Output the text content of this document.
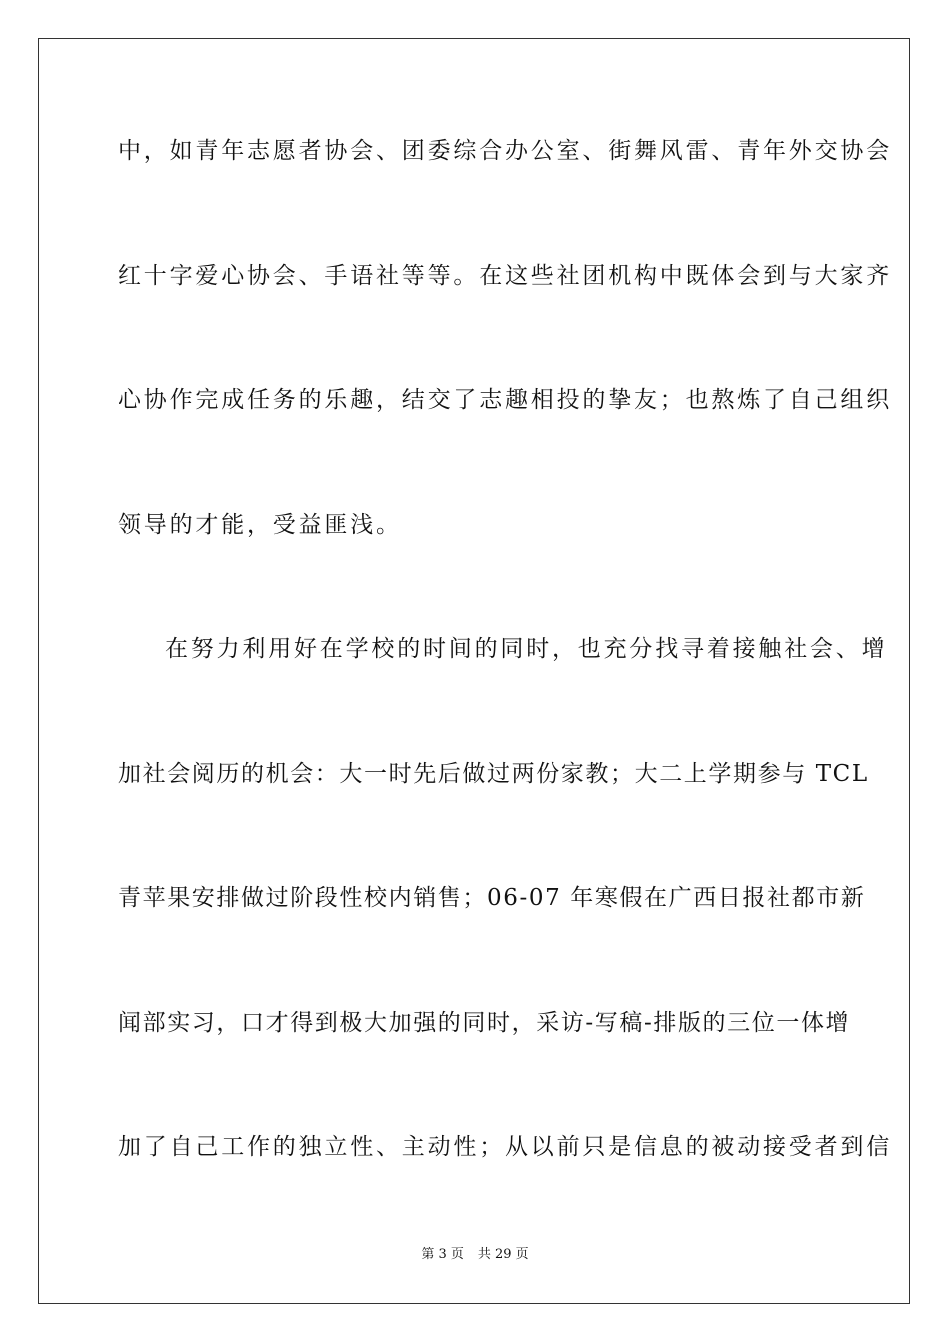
中，如青年志愿者协会、团委综合办公室、街舞风雷、青年外交协会
红十字爱心协会、手语社等等。在这些社团机构中既体会到与大家齐
心协作完成任务的乐趣，结交了志趣相投的挚友；也熬炼了自己组织
领导的才能，受益匪浅。
在努力利用好在学校的时间的同时，也充分找寻着接触社会、增
加社会阅历的机会：大一时先后做过两份家教；大二上学期参与 TCL
青苹果安排做过阶段性校内销售；06-07 年寒假在广西日报社都市新
闻部实习，口才得到极大加强的同时，采访-写稿-排版的三位一体增
加了自己工作的独立性、主动性；从以前只是信息的被动接受者到信
第 3 页 共 29 页
